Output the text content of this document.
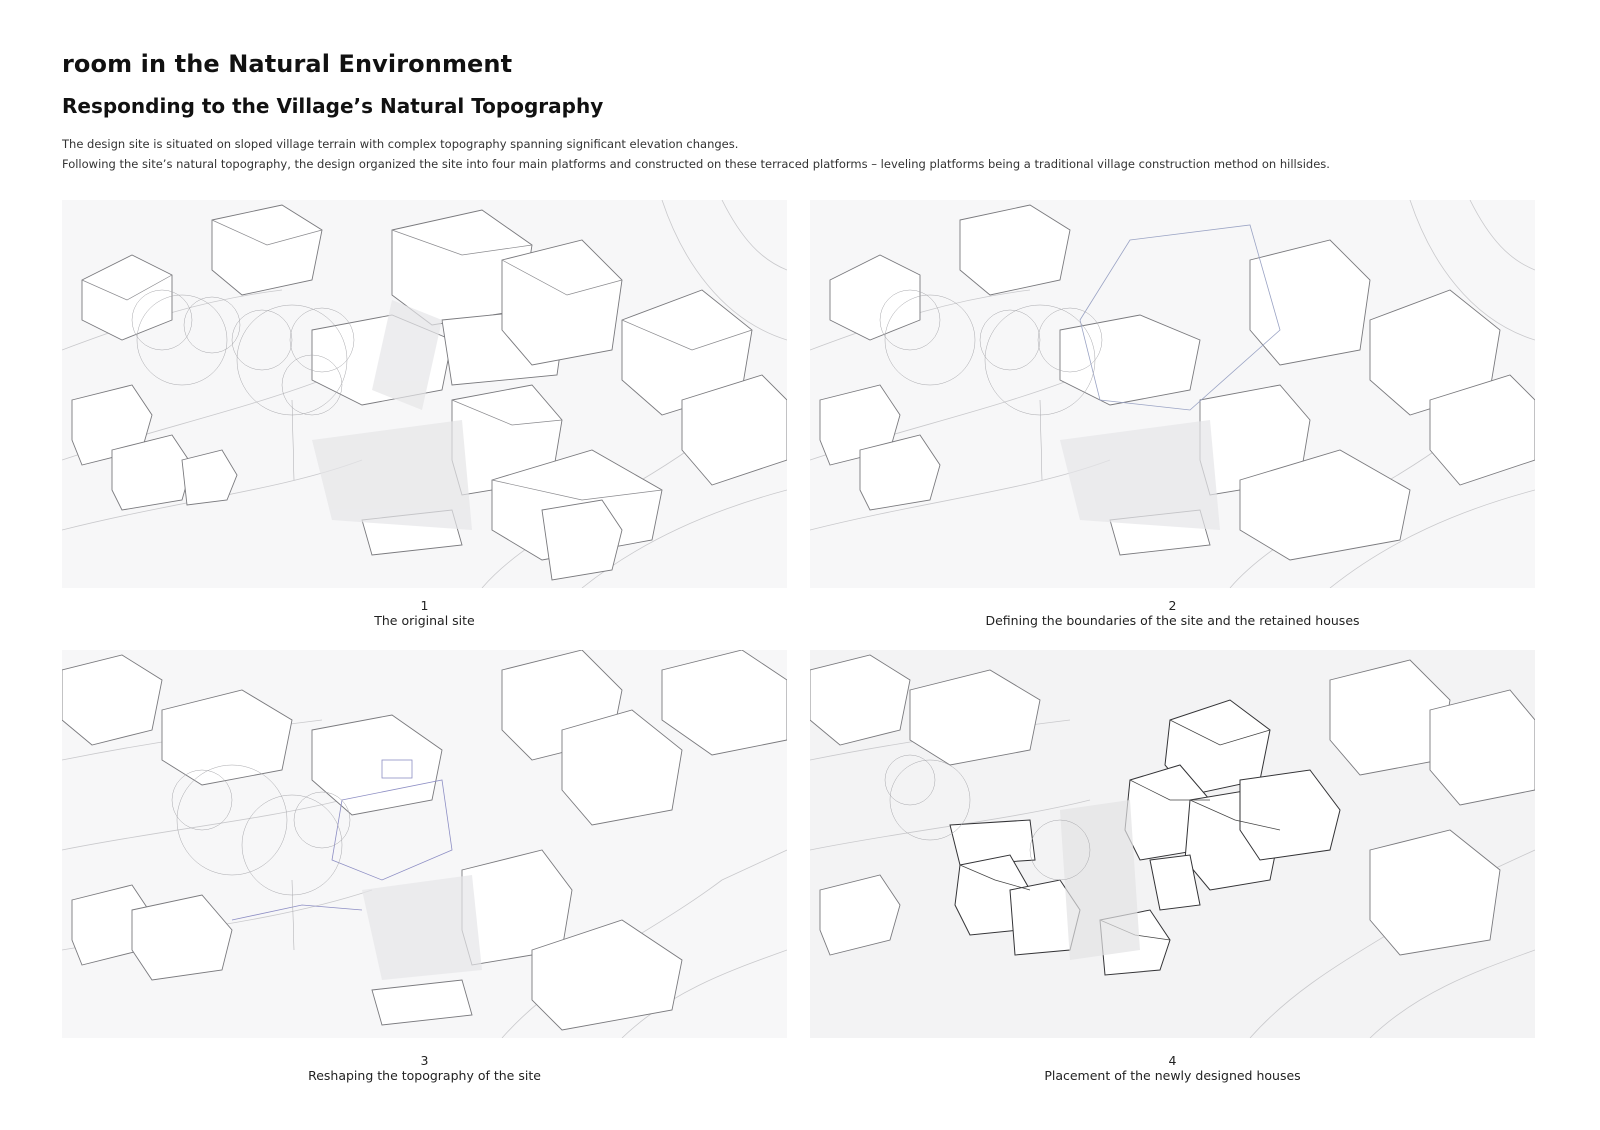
room in the Natural Environment
Responding to the Village’s Natural Topography
The design site is situated on sloped village terrain with complex topography spanning significant elevation changes.
Following the site’s natural topography, the design organized the site into four main platforms and constructed on these terraced platforms – leveling platforms being a traditional village construction method on hillsides.
1
The original site
2
Defining the boundaries of the site and the retained houses
3
Reshaping the topography of the site
4
Placement of the newly designed houses
